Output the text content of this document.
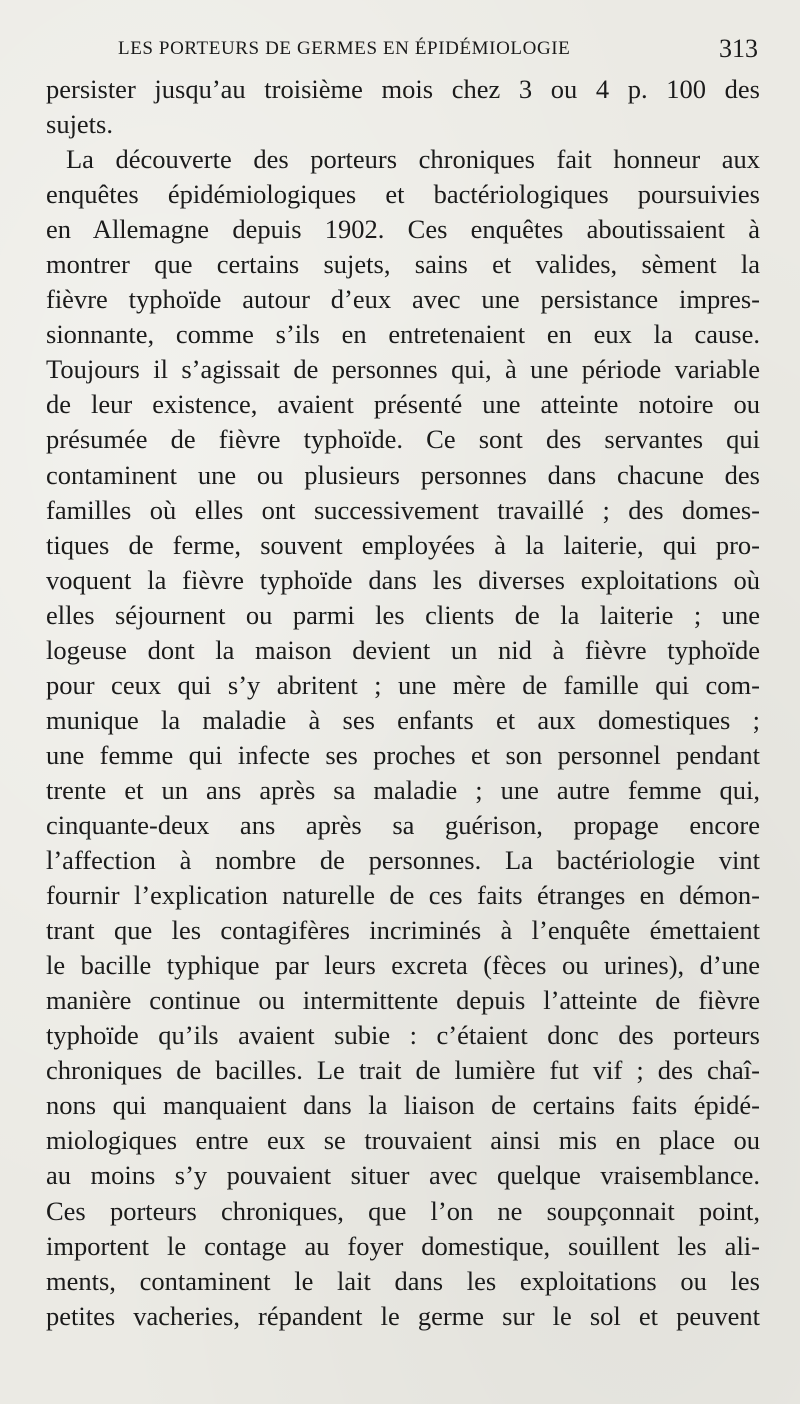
LES PORTEURS DE GERMES EN ÉPIDÉMIOLOGIE	313
persister jusqu’au troisième mois chez 3 ou 4 p. 100 des
sujets.
La découverte des porteurs chroniques fait honneur aux
enquêtes épidémiologiques et bactériologiques poursuivies
en Allemagne depuis 1902. Ces enquêtes aboutissaient à
montrer que certains sujets, sains et valides, sèment la
fièvre typhoïde autour d’eux avec une persistance impres-
sionnante, comme s’ils en entretenaient en eux la cause.
Toujours il s’agissait de personnes qui, à une période variable
de leur existence, avaient présenté une atteinte notoire ou
présumée de fièvre typhoïde. Ce sont des servantes qui
contaminent une ou plusieurs personnes dans chacune des
familles où elles ont successivement travaillé ; des domes-
tiques de ferme, souvent employées à la laiterie, qui pro-
voquent la fièvre typhoïde dans les diverses exploitations où
elles séjournent ou parmi les clients de la laiterie ; une
logeuse dont la maison devient un nid à fièvre typhoïde
pour ceux qui s’y abritent ; une mère de famille qui com-
munique la maladie à ses enfants et aux domestiques ;
une femme qui infecte ses proches et son personnel pendant
trente et un ans après sa maladie ; une autre femme qui,
cinquante-deux ans après sa guérison, propage encore
l’affection à nombre de personnes. La bactériologie vint
fournir l’explication naturelle de ces faits étranges en démon-
trant que les contagifères incriminés à l’enquête émettaient
le bacille typhique par leurs excreta (fèces ou urines), d’une
manière continue ou intermittente depuis l’atteinte de fièvre
typhoïde qu’ils avaient subie : c’étaient donc des porteurs
chroniques de bacilles. Le trait de lumière fut vif ; des chaî-
nons qui manquaient dans la liaison de certains faits épidé-
miologiques entre eux se trouvaient ainsi mis en place ou
au moins s’y pouvaient situer avec quelque vraisemblance.
Ces porteurs chroniques, que l’on ne soupçonnait point,
importent le contage au foyer domestique, souillent les ali-
ments, contaminent le lait dans les exploitations ou les
petites vacheries, répandent le germe sur le sol et peuvent
